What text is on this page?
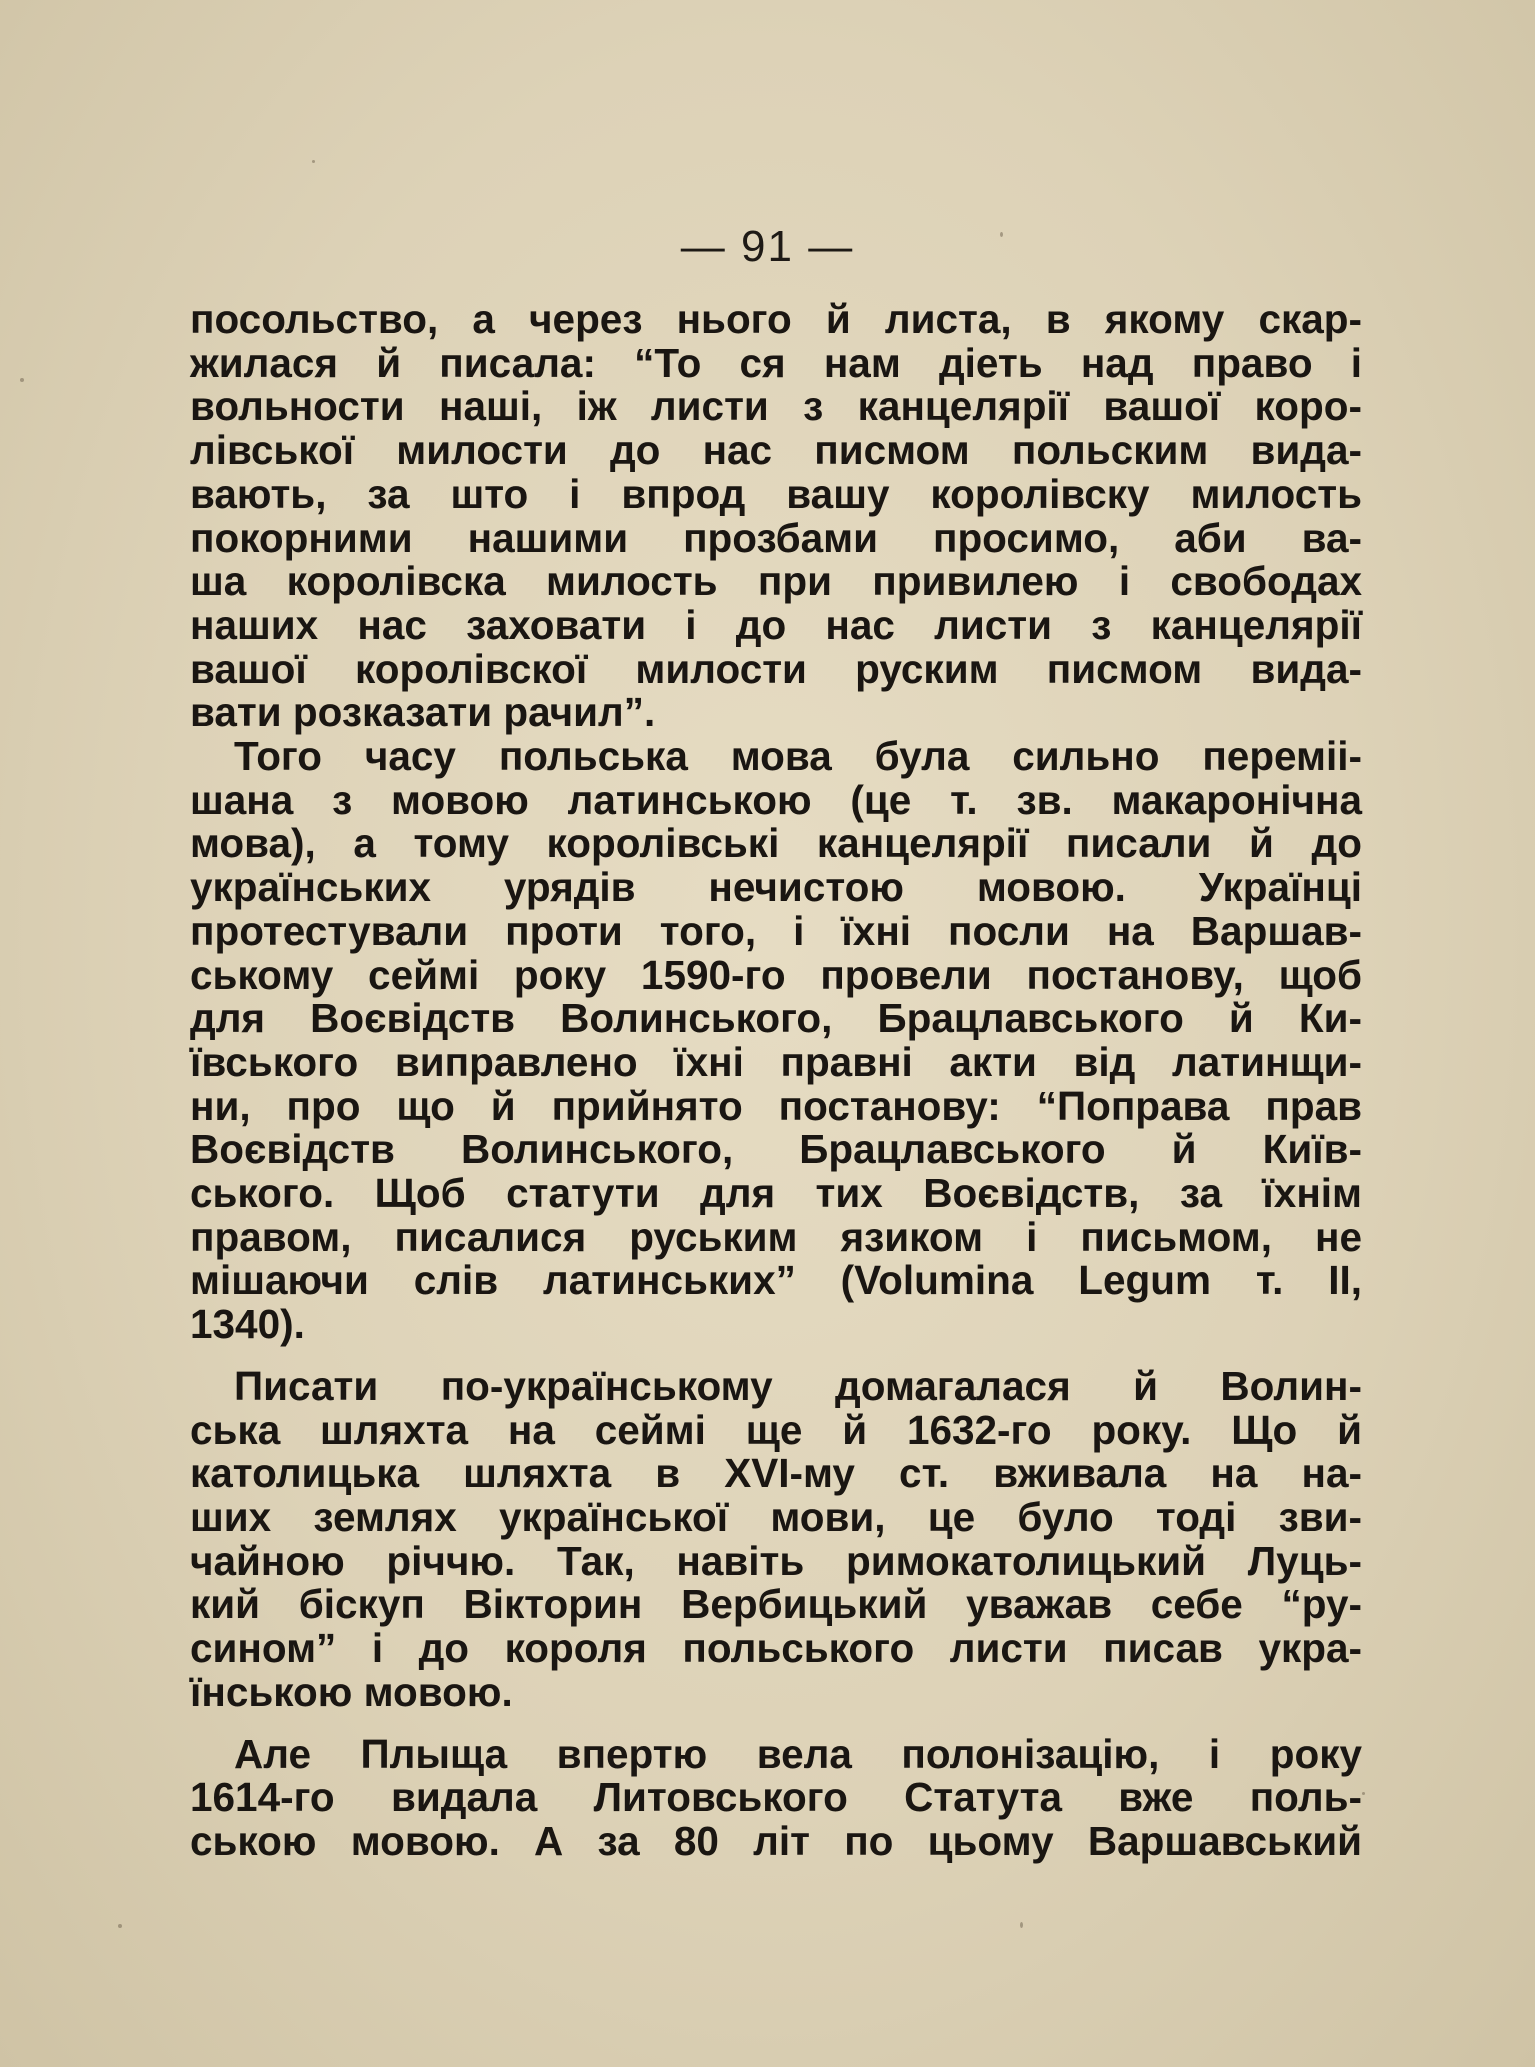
— 91 —

посольство, а через нього й листа, в якому скар-
жилася й писала: “То ся нам діеть над право і
вольности наші, іж листи з канцелярії вашої коро-
лівської милости до нас писмом польским вида-
вають, за што і впрод вашу королівску милость
покорними нашими прозбами просимо, аби ва-
ша королівска милость при привилею і свободах
наших нас заховати і до нас листи з канцелярії
вашої королівскої милости руским писмом вида-
вати розказати рачил”.

Того часу польська мова була сильно переміі-
шана з мовою латинською (це т. зв. макаронічна
мова), а тому королівські канцелярії писали й до
українських урядів нечистою мовою. Українці
протестували проти того, і їхні посли на Варшав-
ському сеймі року 1590-го провели постанову, щоб
для Воєвідств Волинського, Брацлавського й Ки-
ївського виправлено їхні правні акти від латинщи-
ни, про що й прийнято постанову: “Поправа прав
Воєвідств Волинського, Брацлавського й Київ-
ського. Щоб статути для тих Воєвідств, за їхнім
правом, писалися руським язиком і письмом, не
мішаючи слів латинських” (Volumina Legum т. II,
1340).

Писати по-українському домагалася й Волин-
ська шляхта на сеймі ще й 1632-го року. Що й
католицька шляхта в XVI-му ст. вживала на на-
ших землях української мови, це було тоді зви-
чайною річчю. Так, навіть римокатолицький Луць-
кий біскуп Вікторин Вербицький уважав себе “ру-
сином” і до короля польського листи писав укра-
їнською мовою.

Але Плыща впертю вела полонізацію, і року
1614-го видала Литовського Статута вже поль-
ською мовою. А за 80 літ по цьому Варшавський
